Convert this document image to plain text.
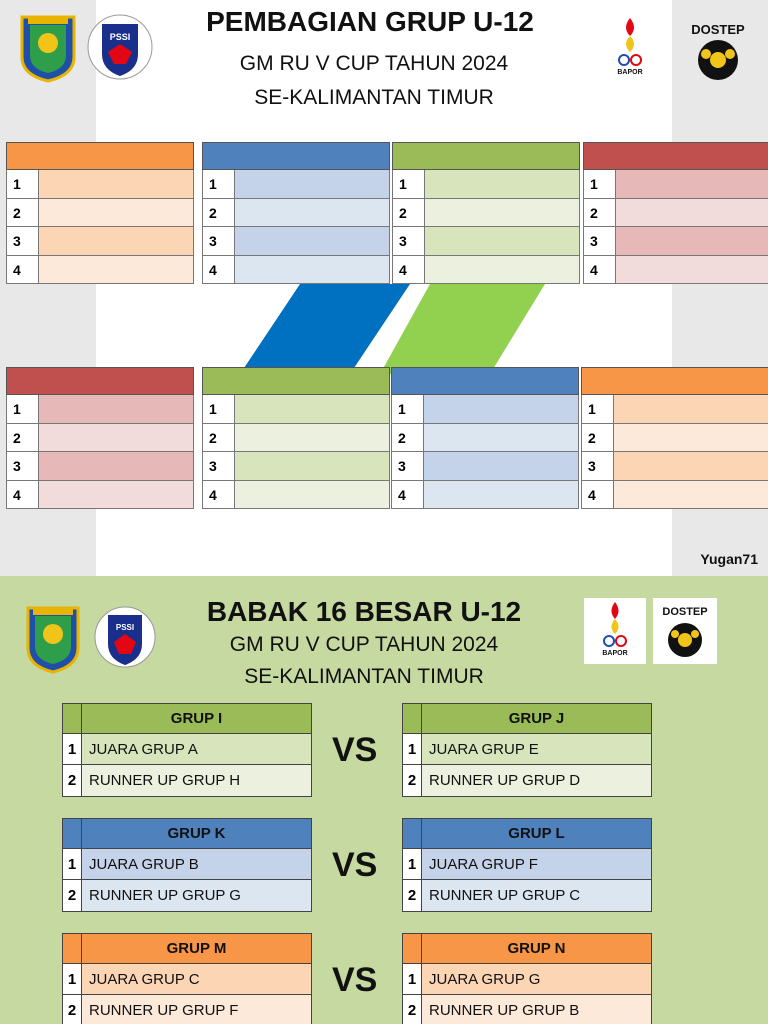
PSSI
BAPOR
DOSTEP
PEMBAGIAN GRUP U-12
GM RU V CUP TAHUN 2024
SE-KALIMANTAN TIMUR
1
2
3
4
1
2
3
4
1
2
3
4
1
2
3
4
1
2
3
4
1
2
3
4
1
2
3
4
1
2
3
4
Yugan71
PSSI
BAPOR
DOSTEP
BABAK 16 BESAR U-12
GM RU V CUP TAHUN 2024
SE-KALIMANTAN TIMUR
GRUP I
1 JUARA GRUP A
2 RUNNER UP GRUP H
GRUP J
1 JUARA GRUP E
2 RUNNER UP GRUP D
VS
GRUP K
1 JUARA GRUP B
2 RUNNER UP GRUP G
GRUP L
1 JUARA GRUP F
2 RUNNER UP GRUP C
VS
GRUP M
1 JUARA GRUP C
2 RUNNER UP GRUP F
GRUP N
1 JUARA GRUP G
2 RUNNER UP GRUP B
VS
